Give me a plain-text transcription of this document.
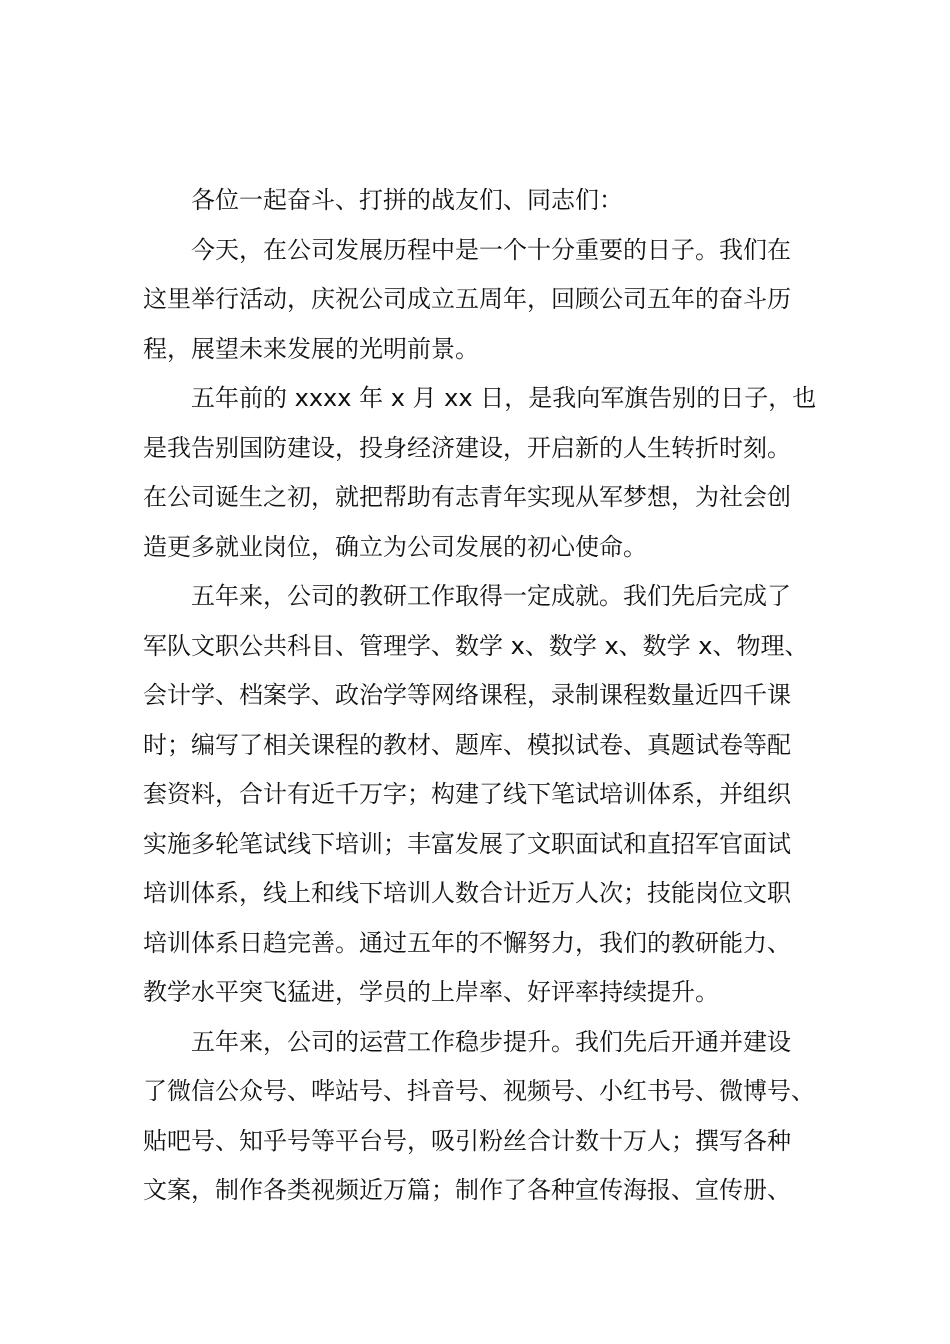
各位一起奋斗、打拼的战友们、同志们：
今天，在公司发展历程中是一个十分重要的日子。我们在
这里举行活动，庆祝公司成立五周年，回顾公司五年的奋斗历
程，展望未来发展的光明前景。
五年前的 xxxx 年 x 月 xx 日，是我向军旗告别的日子，也
是我告别国防建设，投身经济建设，开启新的人生转折时刻。
在公司诞生之初，就把帮助有志青年实现从军梦想，为社会创
造更多就业岗位，确立为公司发展的初心使命。
五年来，公司的教研工作取得一定成就。我们先后完成了
军队文职公共科目、管理学、数学 x、数学 x、数学 x、物理、
会计学、档案学、政治学等网络课程，录制课程数量近四千课
时；编写了相关课程的教材、题库、模拟试卷、真题试卷等配
套资料，合计有近千万字；构建了线下笔试培训体系，并组织
实施多轮笔试线下培训；丰富发展了文职面试和直招军官面试
培训体系，线上和线下培训人数合计近万人次；技能岗位文职
培训体系日趋完善。通过五年的不懈努力，我们的教研能力、
教学水平突飞猛进，学员的上岸率、好评率持续提升。
五年来，公司的运营工作稳步提升。我们先后开通并建设
了微信公众号、哔站号、抖音号、视频号、小红书号、微博号、
贴吧号、知乎号等平台号，吸引粉丝合计数十万人；撰写各种
文案，制作各类视频近万篇；制作了各种宣传海报、宣传册、
